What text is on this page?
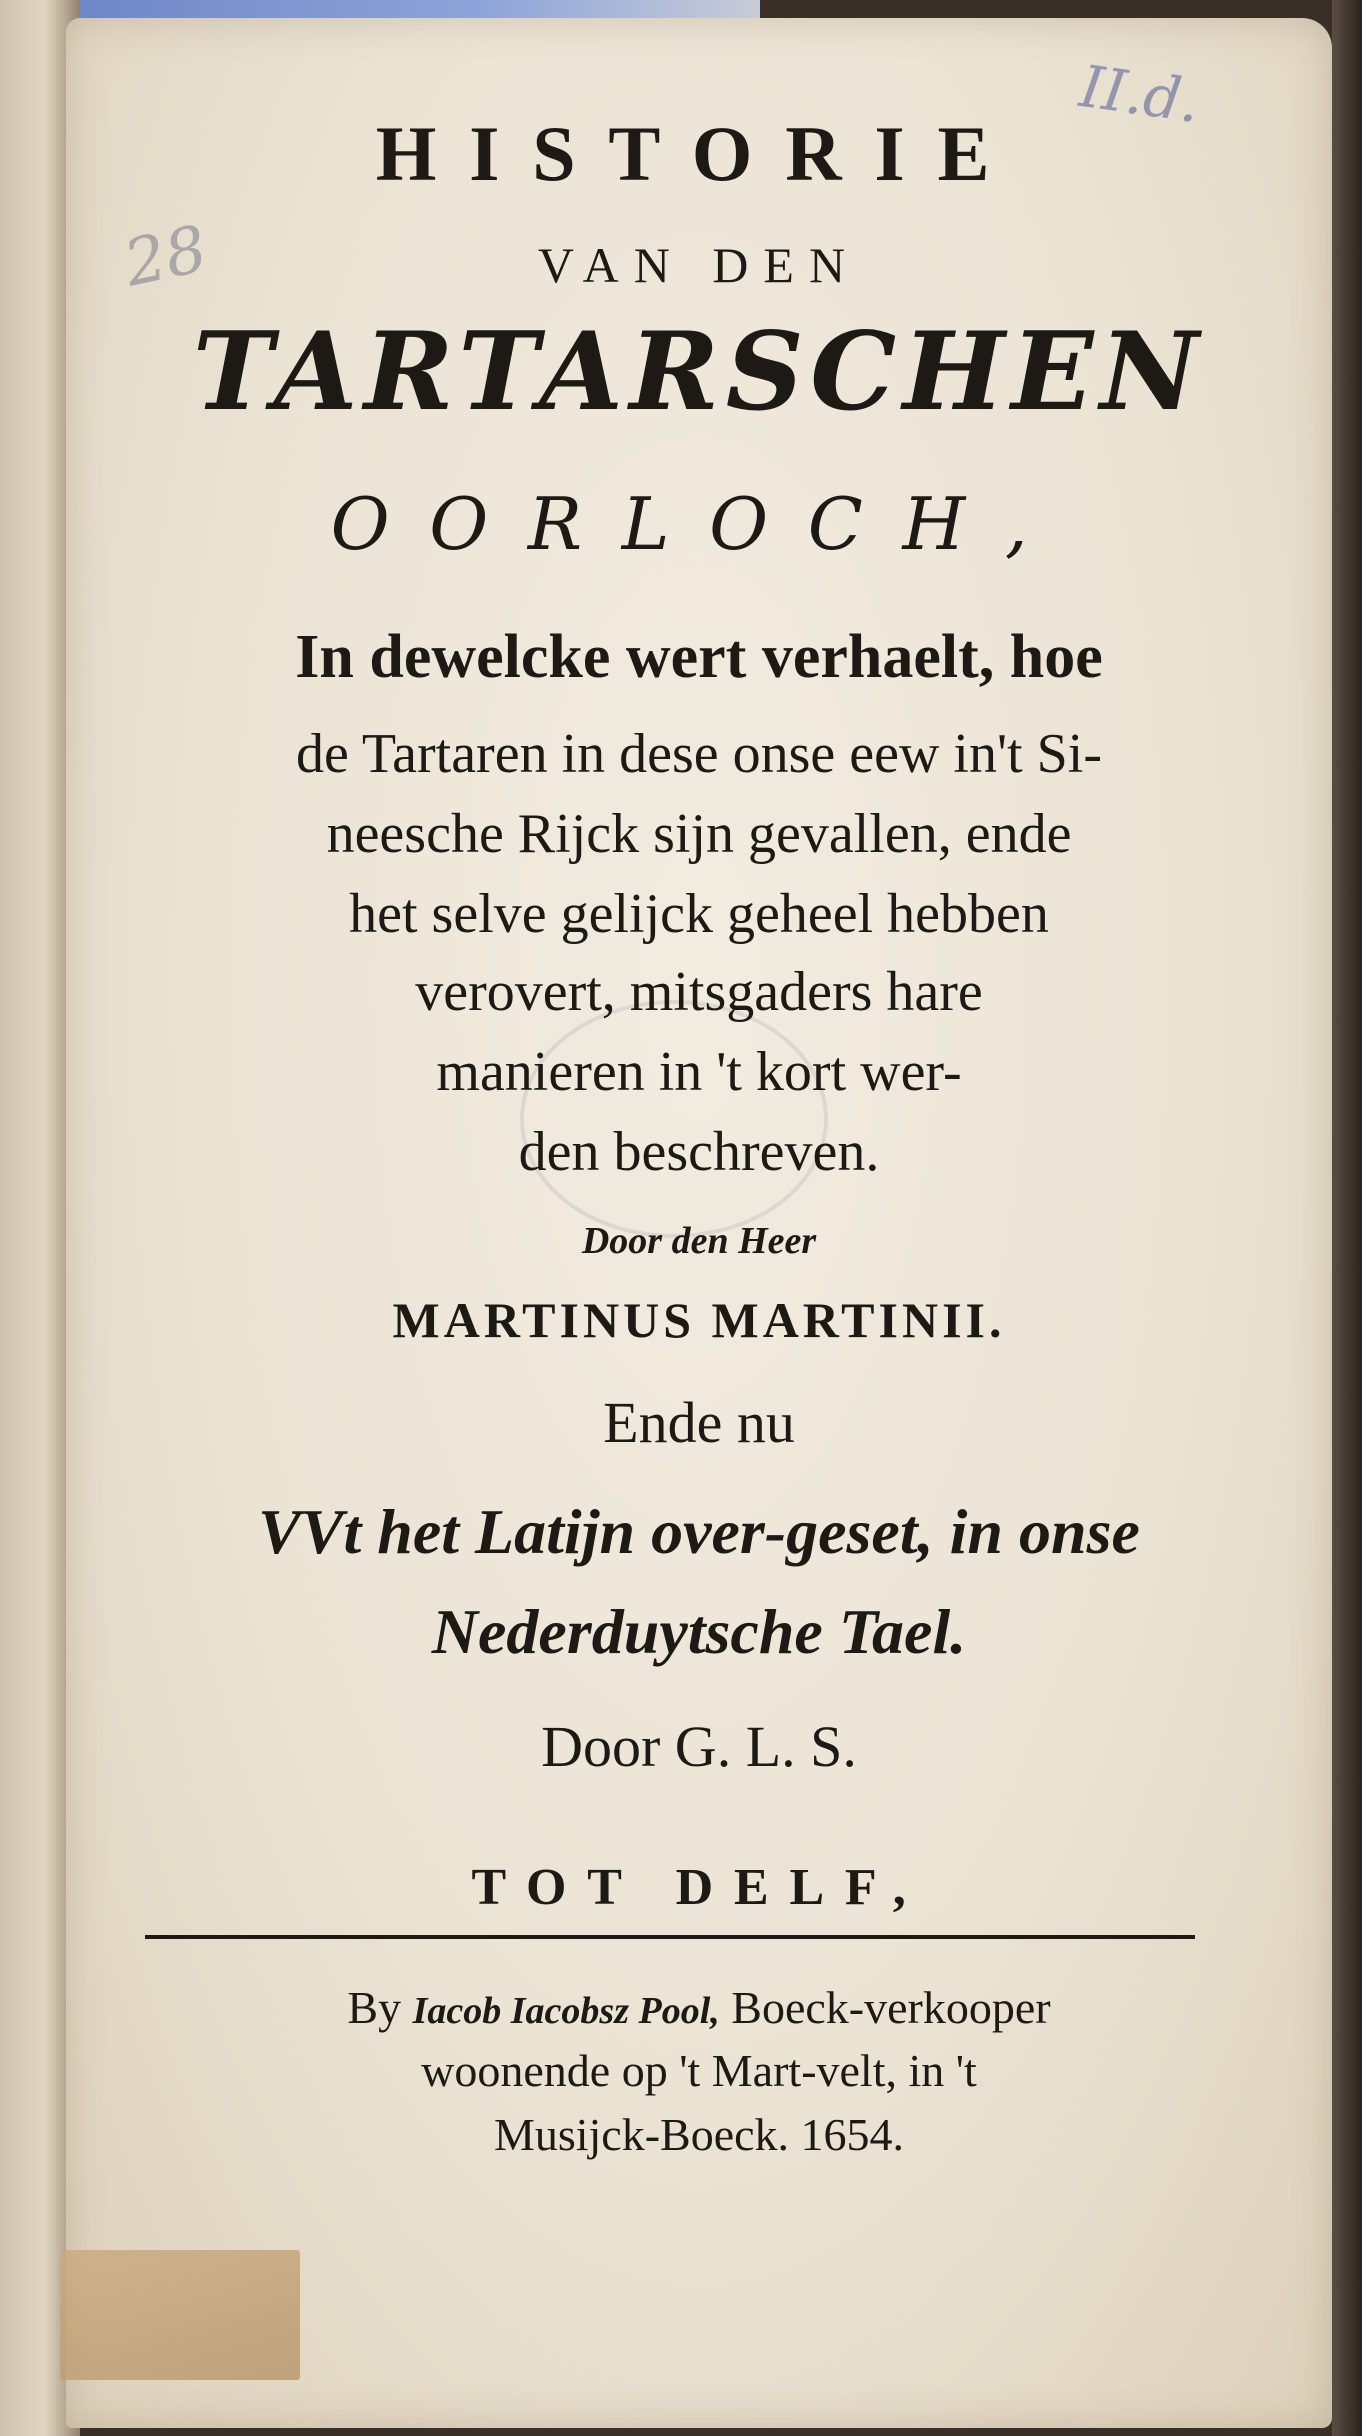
28
II.d.
HISTORIE
VAN DEN
TARTARSCHEN
OORLOCH,
In dewelcke wert verhaelt, hoe
de Tartaren in dese onse eew in't Si-
neesche Rijck sijn gevallen, ende
het selve gelijck geheel hebben
verovert, mitsgaders hare
manieren in 't kort wer-
den beschreven.
Door den Heer
MARTINUS MARTINII.
Ende nu
VVt het Latijn over-geset, in onse
Nederduytsche Tael.
Door G. L. S.
TOT DELF,
By Iacob Iacobsz Pool, Boeck-verkooper
woonende op 't Mart-velt, in 't
Musijck-Boeck. 1654.
